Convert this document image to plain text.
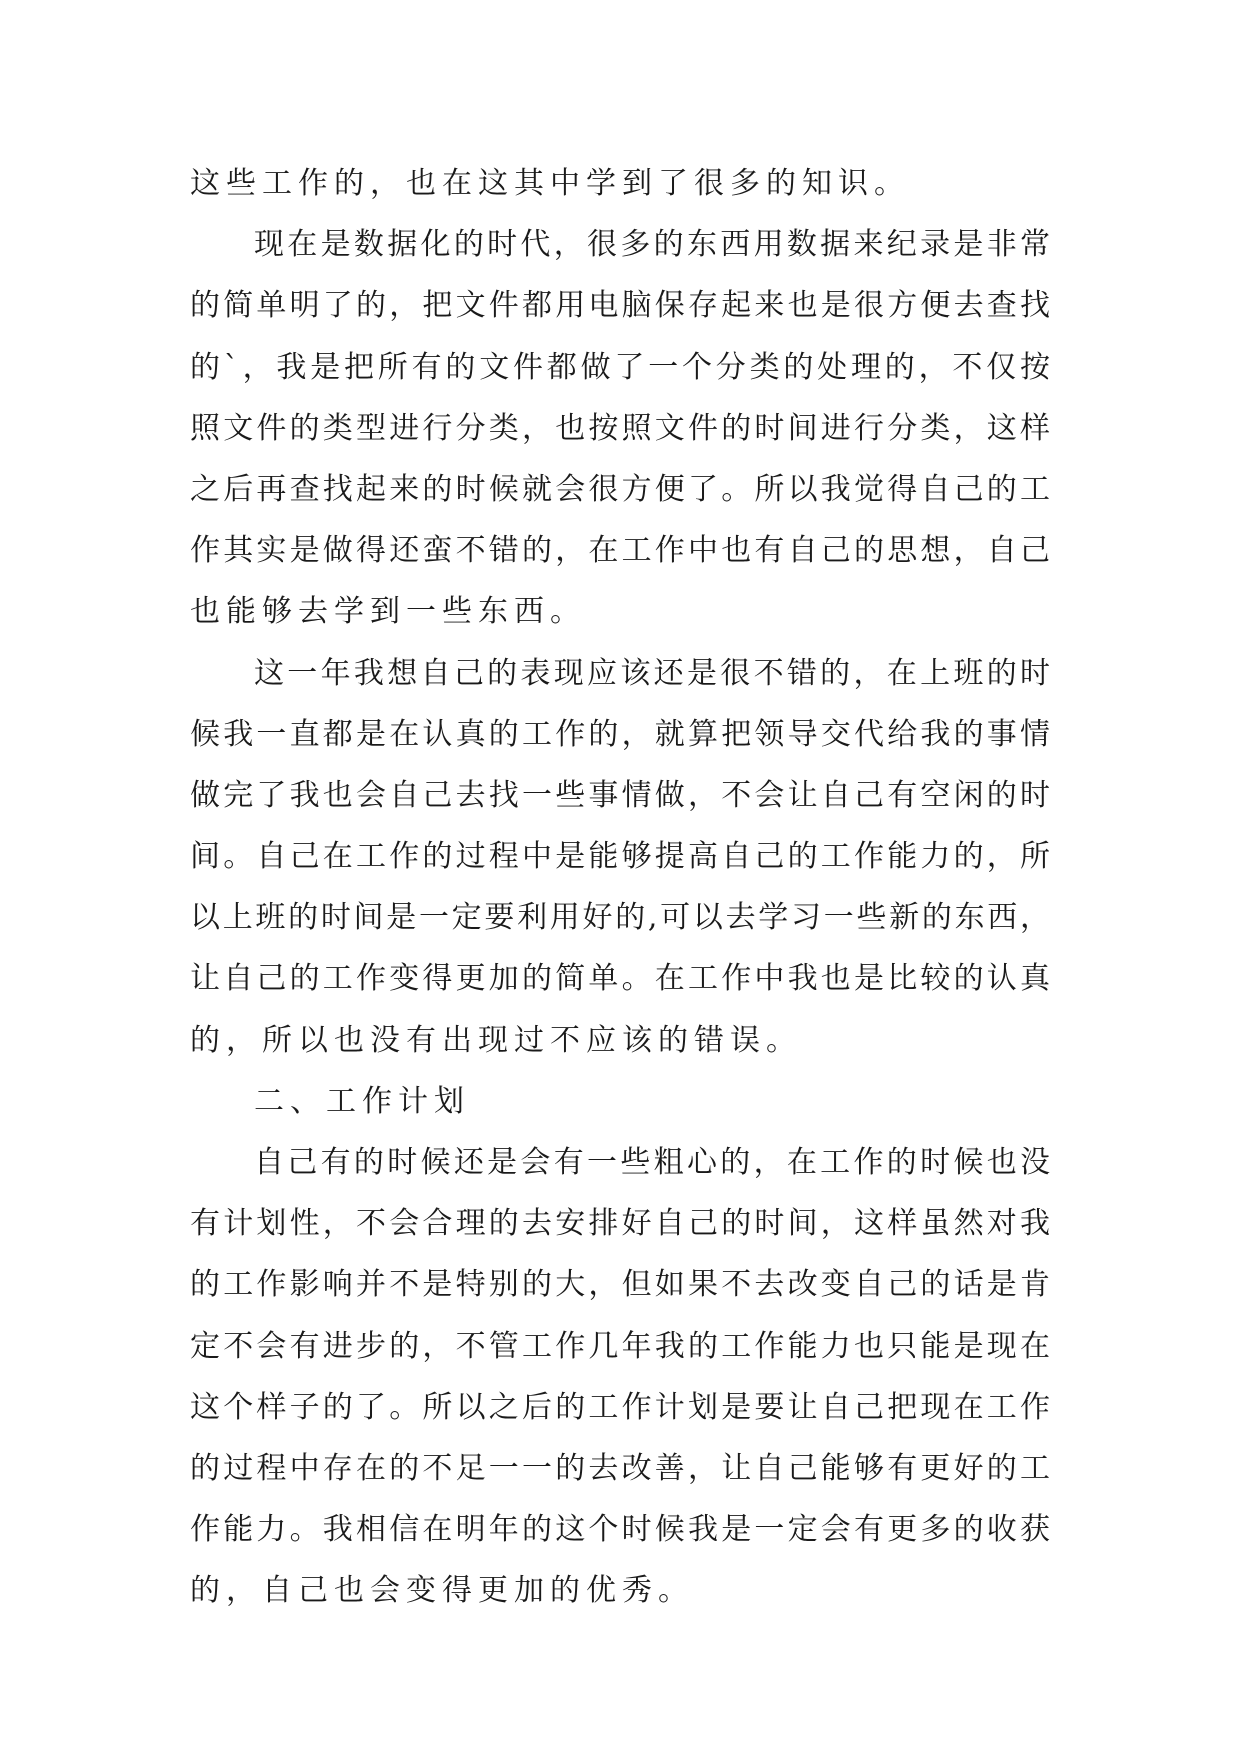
这些工作的，也在这其中学到了很多的知识。
现在是数据化的时代，很多的东西用数据来纪录是非常
的简单明了的，把文件都用电脑保存起来也是很方便去查找
的`，我是把所有的文件都做了一个分类的处理的，不仅按
照文件的类型进行分类，也按照文件的时间进行分类，这样
之后再查找起来的时候就会很方便了。所以我觉得自己的工
作其实是做得还蛮不错的，在工作中也有自己的思想，自己
也能够去学到一些东西。
这一年我想自己的表现应该还是很不错的，在上班的时
候我一直都是在认真的工作的，就算把领导交代给我的事情
做完了我也会自己去找一些事情做，不会让自己有空闲的时
间。自己在工作的过程中是能够提高自己的工作能力的，所
以上班的时间是一定要利用好的,可以去学习一些新的东西，
让自己的工作变得更加的简单。在工作中我也是比较的认真
的，所以也没有出现过不应该的错误。
二、工作计划
自己有的时候还是会有一些粗心的，在工作的时候也没
有计划性，不会合理的去安排好自己的时间，这样虽然对我
的工作影响并不是特别的大，但如果不去改变自己的话是肯
定不会有进步的，不管工作几年我的工作能力也只能是现在
这个样子的了。所以之后的工作计划是要让自己把现在工作
的过程中存在的不足一一的去改善，让自己能够有更好的工
作能力。我相信在明年的这个时候我是一定会有更多的收获
的，自己也会变得更加的优秀。
